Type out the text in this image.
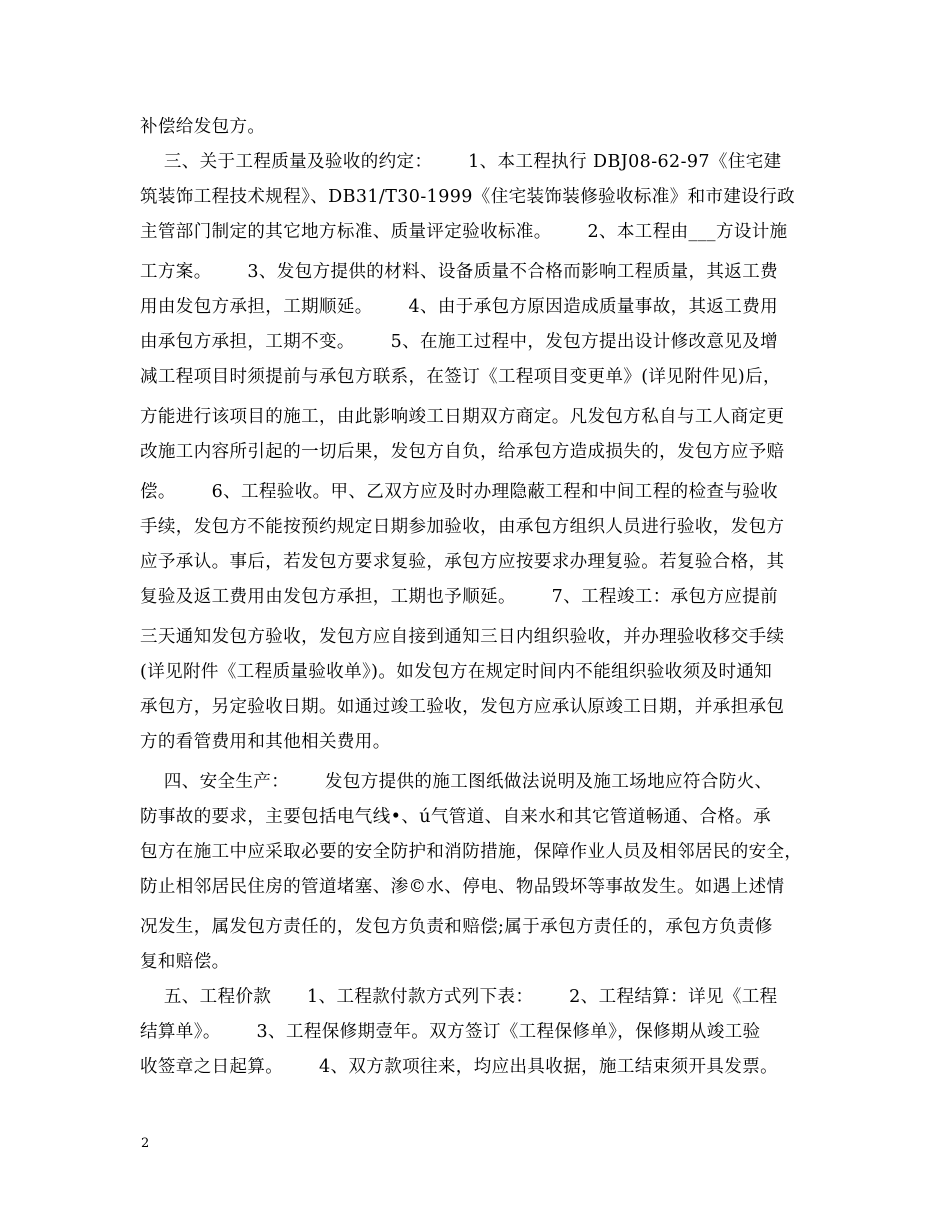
补偿给发包方。

三、关于工程质量及验收的约定：      1、本工程执行 DBJ08-62-97《住宅建

筑装饰工程技术规程》、DB31/T30-1999《住宅装饰装修验收标准》和市建设行政

主管部门制定的其它地方标准、质量评定验收标准。      2、本工程由___方设计施

工方案。      3、发包方提供的材料、设备质量不合格而影响工程质量，其返工费

用由发包方承担，工期顺延。      4、由于承包方原因造成质量事故，其返工费用

由承包方承担，工期不变。      5、在施工过程中，发包方提出设计修改意见及增

减工程项目时须提前与承包方联系，在签订《工程项目变更单》(详见附件见)后，

方能进行该项目的施工，由此影响竣工日期双方商定。凡发包方私自与工人商定更

改施工内容所引起的一切后果，发包方自负，给承包方造成损失的，发包方应予赔

偿。      6、工程验收。甲、乙双方应及时办理隐蔽工程和中间工程的检查与验收

手续，发包方不能按预约规定日期参加验收，由承包方组织人员进行验收，发包方

应予承认。事后，若发包方要求复验，承包方应按要求办理复验。若复验合格，其

复验及返工费用由发包方承担，工期也予顺延。      7、工程竣工：承包方应提前

三天通知发包方验收，发包方应自接到通知三日内组织验收，并办理验收移交手续

(详见附件《工程质量验收单》)。如发包方在规定时间内不能组织验收须及时通知

承包方，另定验收日期。如通过竣工验收，发包方应承认原竣工日期，并承担承包

方的看管费用和其他相关费用。

四、安全生产：      发包方提供的施工图纸做法说明及施工场地应符合防火、

防事故的要求，主要包括电气线•、ú气管道、自来水和其它管道畅通、合格。承

包方在施工中应采取必要的安全防护和消防措施，保障作业人员及相邻居民的安全，

防止相邻居民住房的管道堵塞、渗©水、停电、物品毁坏等事故发生。如遇上述情

况发生，属发包方责任的，发包方负责和赔偿;属于承包方责任的，承包方负责修

复和赔偿。

五、工程价款      1、工程款付款方式列下表：      2、工程结算：详见《工程

结算单》。      3、工程保修期壹年。双方签订《工程保修单》，保修期从竣工验

收签章之日起算。      4、双方款项往来，均应出具收据，施工结束须开具发票。

2
